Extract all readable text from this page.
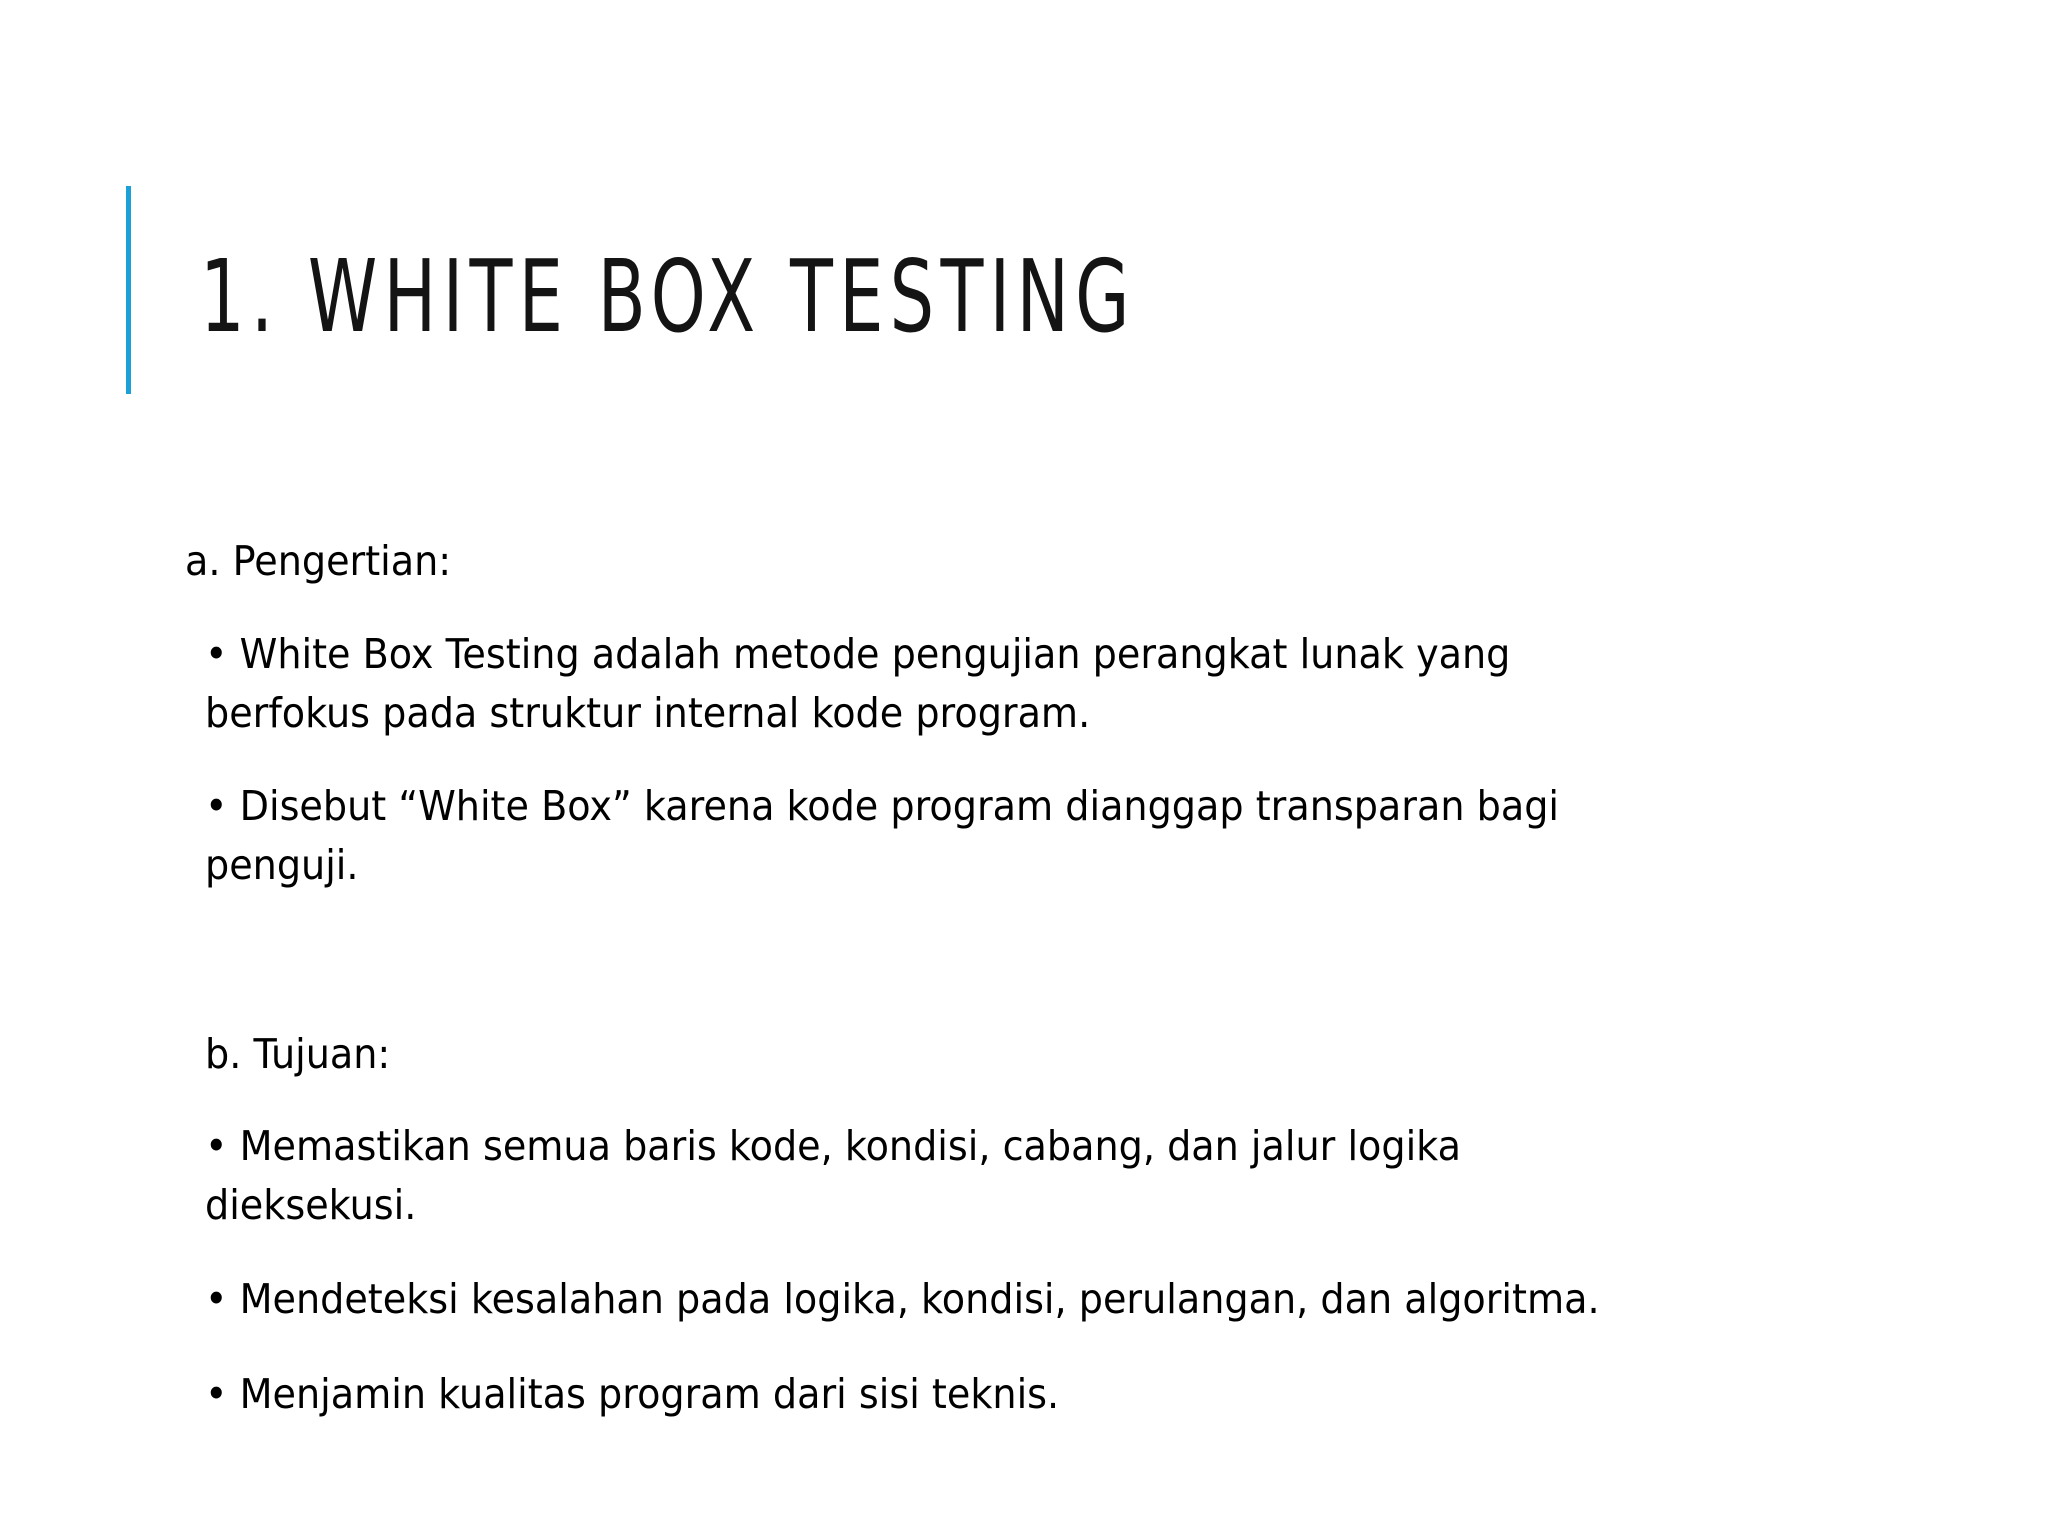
1. WHITE BOX TESTING
a. Pengertian:
• White Box Testing adalah metode pengujian perangkat lunak yang
berfokus pada struktur internal kode program.
• Disebut “White Box” karena kode program dianggap transparan bagi
penguji.
b. Tujuan:
• Memastikan semua baris kode, kondisi, cabang, dan jalur logika
dieksekusi.
• Mendeteksi kesalahan pada logika, kondisi, perulangan, dan algoritma.
• Menjamin kualitas program dari sisi teknis.
